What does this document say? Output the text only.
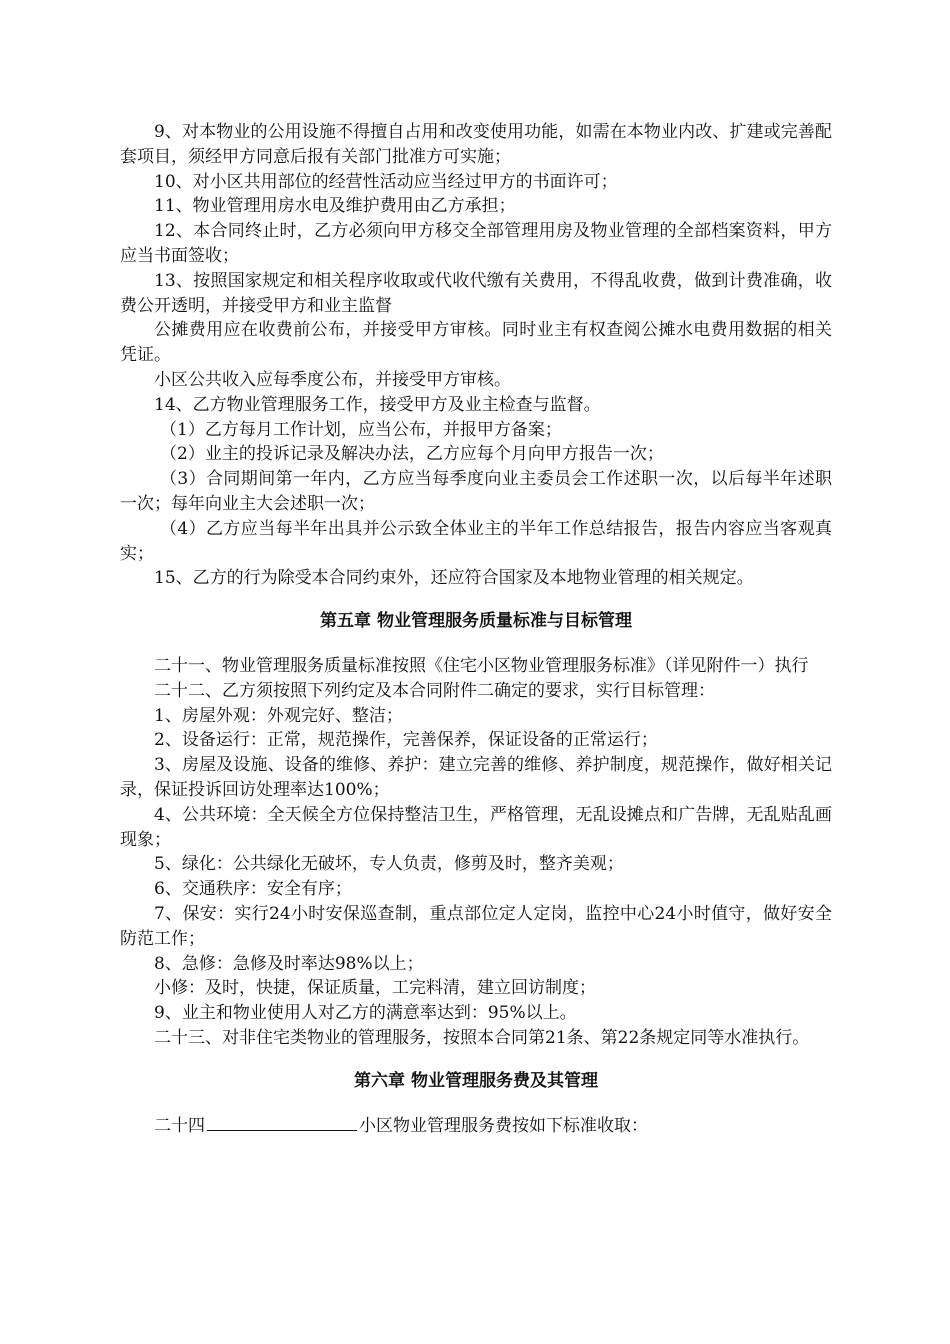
9、对本物业的公用设施不得擅自占用和改变使用功能，如需在本物业内改、扩建或完善配套项目，须经甲方同意后报有关部门批准方可实施；

10、对小区共用部位的经营性活动应当经过甲方的书面许可；

11、物业管理用房水电及维护费用由乙方承担；

12、本合同终止时，乙方必须向甲方移交全部管理用房及物业管理的全部档案资料，甲方应当书面签收；

13、按照国家规定和相关程序收取或代收代缴有关费用，不得乱收费，做到计费准确，收费公开透明，并接受甲方和业主监督

公摊费用应在收费前公布，并接受甲方审核。同时业主有权查阅公摊水电费用数据的相关凭证。

小区公共收入应每季度公布，并接受甲方审核。

14、乙方物业管理服务工作，接受甲方及业主检查与监督。

（1）乙方每月工作计划，应当公布，并报甲方备案；

（2）业主的投诉记录及解决办法，乙方应每个月向甲方报告一次；

（3）合同期间第一年内，乙方应当每季度向业主委员会工作述职一次，以后每半年述职一次；每年向业主大会述职一次；

（4）乙方应当每半年出具并公示致全体业主的半年工作总结报告，报告内容应当客观真实；

15、乙方的行为除受本合同约束外，还应符合国家及本地物业管理的相关规定。

第五章 物业管理服务质量标准与目标管理

二十一、物业管理服务质量标准按照《住宅小区物业管理服务标准》（详见附件一）执行

二十二、乙方须按照下列约定及本合同附件二确定的要求，实行目标管理：

1、房屋外观：外观完好、整洁；

2、设备运行：正常，规范操作，完善保养，保证设备的正常运行；

3、房屋及设施、设备的维修、养护：建立完善的维修、养护制度，规范操作，做好相关记录，保证投诉回访处理率达100%；

4、公共环境：全天候全方位保持整洁卫生，严格管理，无乱设摊点和广告牌，无乱贴乱画现象；

5、绿化：公共绿化无破坏，专人负责，修剪及时，整齐美观；

6、交通秩序：安全有序；

7、保安：实行24小时安保巡查制，重点部位定人定岗，监控中心24小时值守，做好安全防范工作；

8、急修：急修及时率达98%以上；

小修：及时，快捷，保证质量，工完料清，建立回访制度；

9、业主和物业使用人对乙方的满意率达到：95%以上。

二十三、对非住宅类物业的管理服务，按照本合同第21条、第22条规定同等水准执行。

第六章 物业管理服务费及其管理

二十四	小区物业管理服务费按如下标准收取：
